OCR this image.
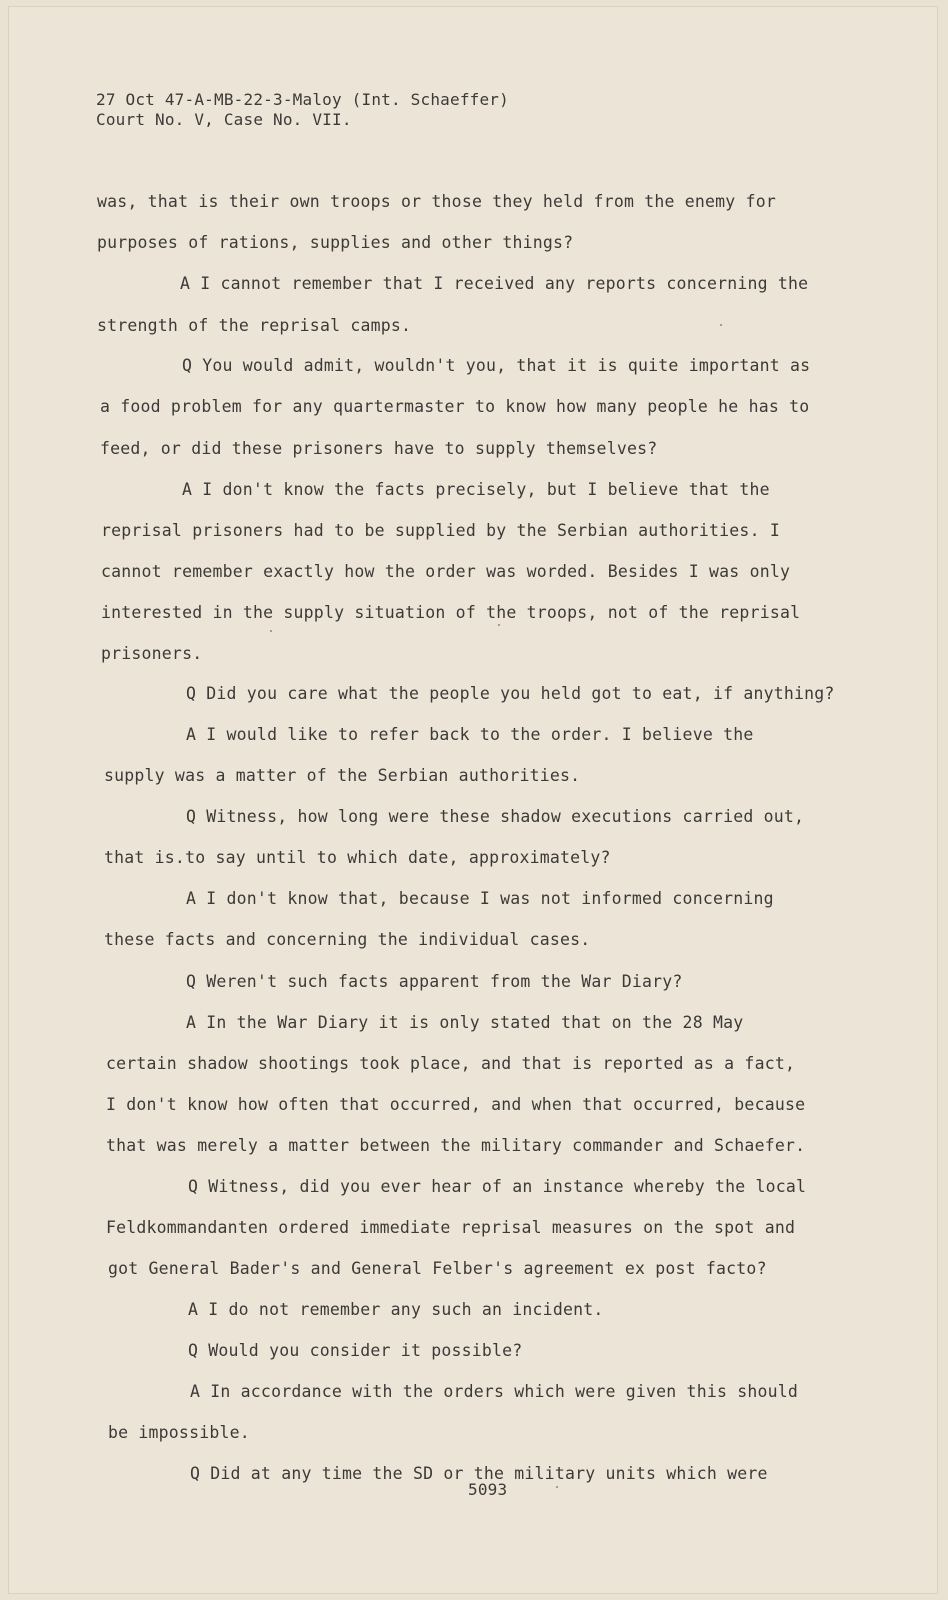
27 Oct 47-A-MB-22-3-Maloy (Int. Schaeffer)
Court No. V, Case No. VII.
was, that is their own troops or those they held from the enemy for
purposes of rations, supplies and other things?
A I cannot remember that I received any reports concerning the
strength of the reprisal camps.
Q You would admit, wouldn't you, that it is quite important as
a food problem for any quartermaster to know how many people he has to
feed, or did these prisoners have to supply themselves?
A I don't know the facts precisely, but I believe that the
reprisal prisoners had to be supplied by the Serbian authorities. I
cannot remember exactly how the order was worded. Besides I was only
interested in the supply situation of the troops, not of the reprisal
prisoners.
Q Did you care what the people you held got to eat, if anything?
A I would like to refer back to the order. I believe the
supply was a matter of the Serbian authorities.
Q Witness, how long were these shadow executions carried out,
that is.to say until to which date, approximately?
A I don't know that, because I was not informed concerning
these facts and concerning the individual cases.
Q Weren't such facts apparent from the War Diary?
A In the War Diary it is only stated that on the 28 May
certain shadow shootings took place, and that is reported as a fact,
I don't know how often that occurred, and when that occurred, because
that was merely a matter between the military commander and Schaefer.
Q Witness, did you ever hear of an instance whereby the local
Feldkommandanten ordered immediate reprisal measures on the spot and
got General Bader's and General Felber's agreement ex post facto?
A I do not remember any such an incident.
Q Would you consider it possible?
A In accordance with the orders which were given this should
be impossible.
Q Did at any time the SD or the military units which were
5093
